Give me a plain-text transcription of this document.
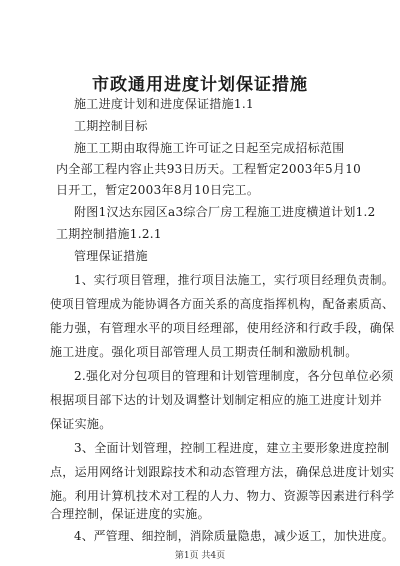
市政通用进度计划保证措施
施工进度计划和进度保证措施1.1
工期控制目标
施工工期由取得施工许可证之日起至完成招标范围
内全部工程内容止共93日历天。工程暂定2003年5月10
日开工，暂定2003年8月10日完工。
附图1汉达东园区a3综合厂房工程施工进度横道计划1.2
工期控制措施1.2.1
管理保证措施
1、实行项目管理，推行项目法施工，实行项目经理负责制。
使项目管理成为能协调各方面关系的高度指挥机构，配备素质高、
能力强，有管理水平的项目经理部，使用经济和行政手段，确保
施工进度。强化项目部管理人员工期责任制和激励机制。
2.强化对分包项目的管理和计划管理制度，各分包单位必须
根据项目部下达的计划及调整计划制定相应的施工进度计划并
保证实施。
3、全面计划管理，控制工程进度，建立主要形象进度控制
点，运用网络计划跟踪技术和动态管理方法，确保总进度计划实
施。利用计算机技术对工程的人力、物力、资源等因素进行科学
合理控制，保证进度的实施。
第1页 共4页
4、严管理、细控制，消除质量隐患，减少返工，加快进度。
